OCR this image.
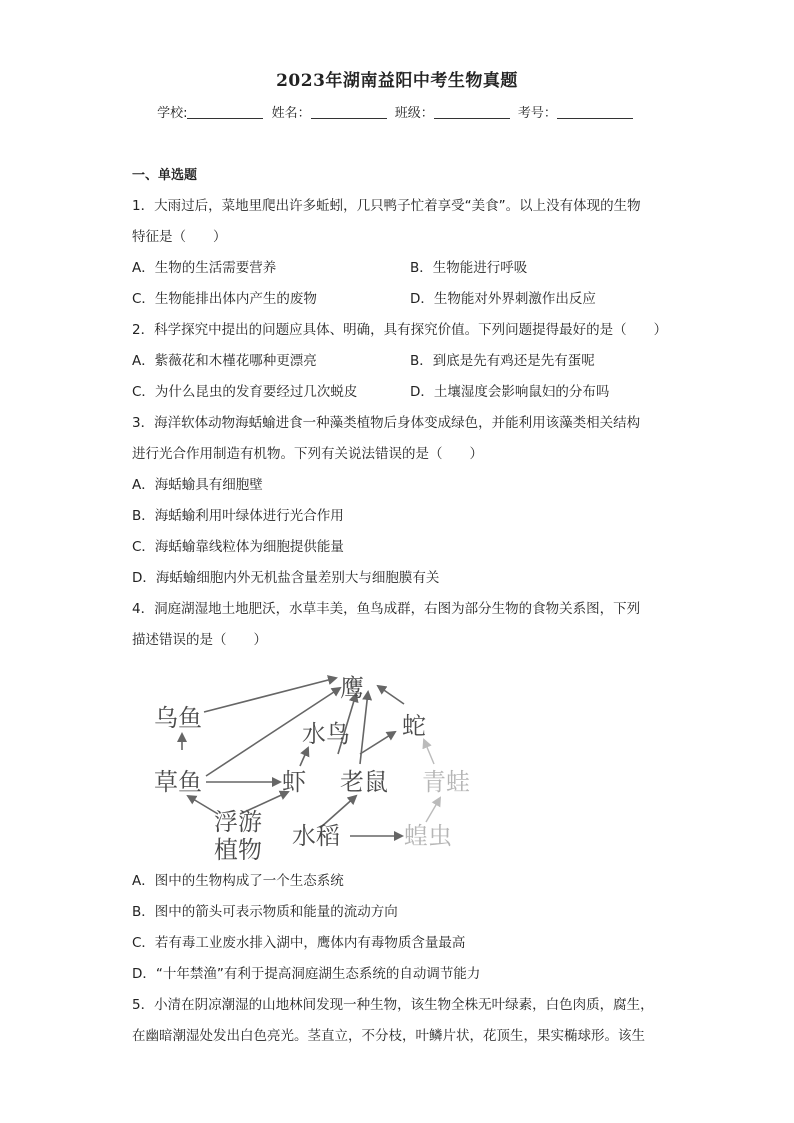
2023年湖南益阳中考生物真题
学校:	姓名：	班级：	考号：
一、单选题

1．大雨过后，菜地里爬出许多蚯蚓，几只鸭子忙着享受“美食”。以上没有体现的生物

特征是（　　）

A．生物的生活需要营养	B．生物能进行呼吸
C．生物能排出体内产生的废物	D．生物能对外界刺激作出反应

2．科学探究中提出的问题应具体、明确，具有探究价值。下列问题提得最好的是（　　）

A．紫薇花和木槿花哪种更漂亮	B．到底是先有鸡还是先有蛋呢
C．为什么昆虫的发育要经过几次蜕皮	D．土壤湿度会影响鼠妇的分布吗

3．海洋软体动物海蛞蝓进食一种藻类植物后身体变成绿色，并能利用该藻类相关结构

进行光合作用制造有机物。下列有关说法错误的是（　　）

A．海蛞蝓具有细胞壁

B．海蛞蝓利用叶绿体进行光合作用

C．海蛞蝓靠线粒体为细胞提供能量

D．海蛞蝓细胞内外无机盐含量差别大与细胞膜有关

4．洞庭湖湿地土地肥沃，水草丰美，鱼鸟成群，右图为部分生物的食物关系图，下列

描述错误的是（　　）

鹰
乌鱼
水鸟 蛇
草鱼	虾 老鼠 青蛙
浮游
植物 水稻	蝗虫

A．图中的生物构成了一个生态系统

B．图中的箭头可表示物质和能量的流动方向

C．若有毒工业废水排入湖中，鹰体内有毒物质含量最高

D．“十年禁渔”有利于提高洞庭湖生态系统的自动调节能力

5．小清在阴凉潮湿的山地林间发现一种生物，该生物全株无叶绿素，白色肉质，腐生，

在幽暗潮湿处发出白色亮光。茎直立，不分枝，叶鳞片状，花顶生，果实椭球形。该生
